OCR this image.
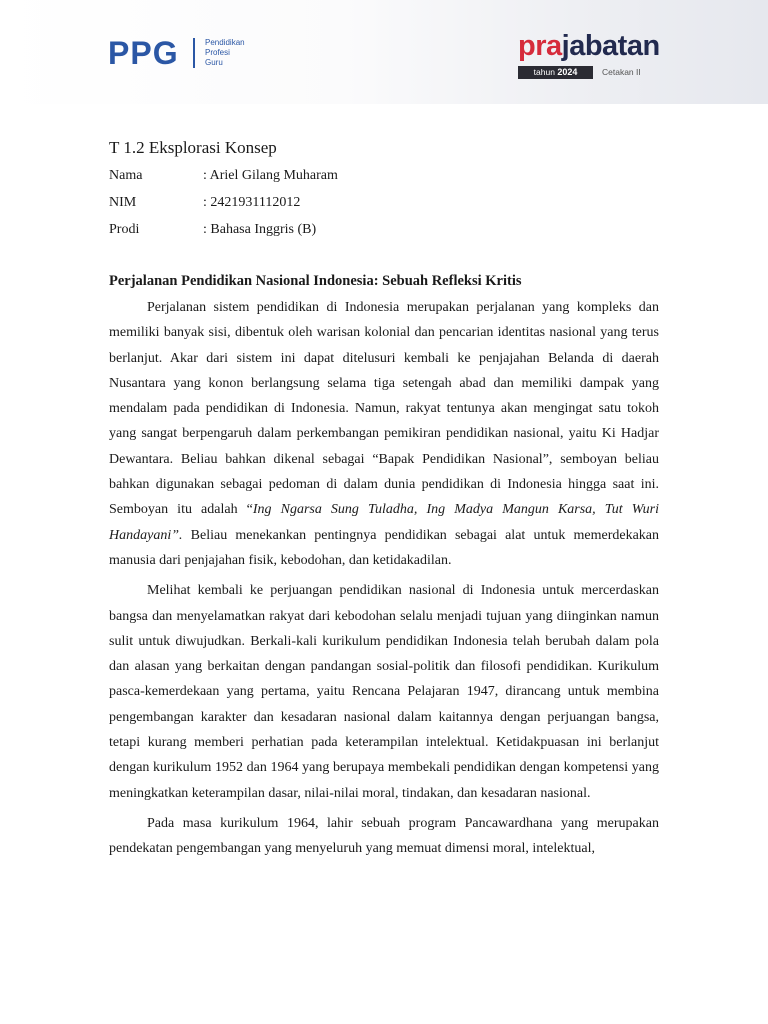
PPG	Pendidikan
Profesi
Guru
prajabatan
tahun 2024	Cetakan II
T 1.2 Eksplorasi Konsep
Nama	: Ariel Gilang Muharam
NIM	: 2421931112012
Prodi	: Bahasa Inggris (B)
Perjalanan Pendidikan Nasional Indonesia: Sebuah Refleksi Kritis

Perjalanan sistem pendidikan di Indonesia merupakan perjalanan yang kompleks dan memiliki banyak sisi, dibentuk oleh warisan kolonial dan pencarian identitas nasional yang terus berlanjut. Akar dari sistem ini dapat ditelusuri kembali ke penjajahan Belanda di daerah Nusantara yang konon berlangsung selama tiga setengah abad dan memiliki dampak yang mendalam pada pendidikan di Indonesia. Namun, rakyat tentunya akan mengingat satu tokoh yang sangat berpengaruh dalam perkembangan pemikiran pendidikan nasional, yaitu Ki Hadjar Dewantara. Beliau bahkan dikenal sebagai “Bapak Pendidikan Nasional”, semboyan beliau bahkan digunakan sebagai pedoman di dalam dunia pendidikan di Indonesia hingga saat ini. Semboyan itu adalah “Ing Ngarsa Sung Tuladha, Ing Madya Mangun Karsa, Tut Wuri Handayani”. Beliau menekankan pentingnya pendidikan sebagai alat untuk memerdekakan manusia dari penjajahan fisik, kebodohan, dan ketidakadilan.

Melihat kembali ke perjuangan pendidikan nasional di Indonesia untuk mercerdaskan bangsa dan menyelamatkan rakyat dari kebodohan selalu menjadi tujuan yang diinginkan namun sulit untuk diwujudkan. Berkali-kali kurikulum pendidikan Indonesia telah berubah dalam pola dan alasan yang berkaitan dengan pandangan sosial-politik dan filosofi pendidikan. Kurikulum pasca-kemerdekaan yang pertama, yaitu Rencana Pelajaran 1947, dirancang untuk membina pengembangan karakter dan kesadaran nasional dalam kaitannya dengan perjuangan bangsa, tetapi kurang memberi perhatian pada keterampilan intelektual. Ketidakpuasan ini berlanjut dengan kurikulum 1952 dan 1964 yang berupaya membekali pendidikan dengan kompetensi yang meningkatkan keterampilan dasar, nilai-nilai moral, tindakan, dan kesadaran nasional.

Pada masa kurikulum 1964, lahir sebuah program Pancawardhana yang merupakan pendekatan pengembangan yang menyeluruh yang memuat dimensi moral, intelektual,
